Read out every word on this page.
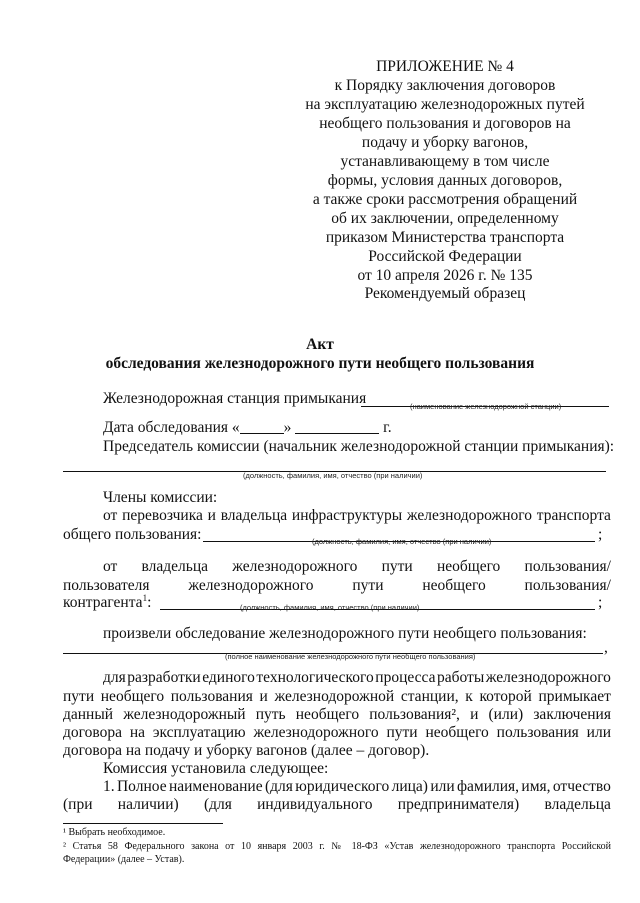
ПРИЛОЖЕНИЕ № 4
к Порядку заключения договоров
на эксплуатацию железнодорожных путей
необщего пользования и договоров на
подачу и уборку вагонов,
устанавливающему в том числе
формы, условия данных договоров,
а также сроки рассмотрения обращений
об их заключении, определенному
приказом Министерства транспорта
Российской Федерации
от 10 апреля 2026 г. № 135
Рекомендуемый образец
Акт
обследования железнодорожного пути необщего пользования
Железнодорожная станция примыкания	(наименование железнодорожной станции)
Дата обследования «	»	г.
Председатель комиссии (начальник железнодорожной станции примыкания):
(должность, фамилия, имя, отчество (при наличии)
Члены комиссии:
от перевозчика и владельца инфраструктуры железнодорожного транспорта
общего пользования:	;
(должность, фамилия, имя, отчество (при наличии)
от владельца железнодорожного пути необщего пользования/
пользователя	железнодорожного	пути	необщего	пользования/
контрагента$^1$:	;
(должность, фамилия, имя, отчество (при наличии)
произвели обследование железнодорожного пути необщего пользования:
,
(полное наименование железнодорожного пути необщего пользования)
для разработки единого технологического процесса работы железнодорожного
пути необщего пользования и железнодорожной станции, к которой примыкает
данный железнодорожный путь необщего пользования², и (или) заключения
договора на эксплуатацию железнодорожного пути необщего пользования или
договора на подачу и уборку вагонов (далее – договор).
Комиссия установила следующее:
1. Полное наименование (для юридического лица) или фамилия, имя, отчество
(при наличии) (для индивидуального предпринимателя) владельца
¹ Выбрать необходимое.
² Статья 58 Федерального закона от 10 января 2003 г. № 18-ФЗ «Устав железнодорожного транспорта Российской
Федерации» (далее – Устав).
